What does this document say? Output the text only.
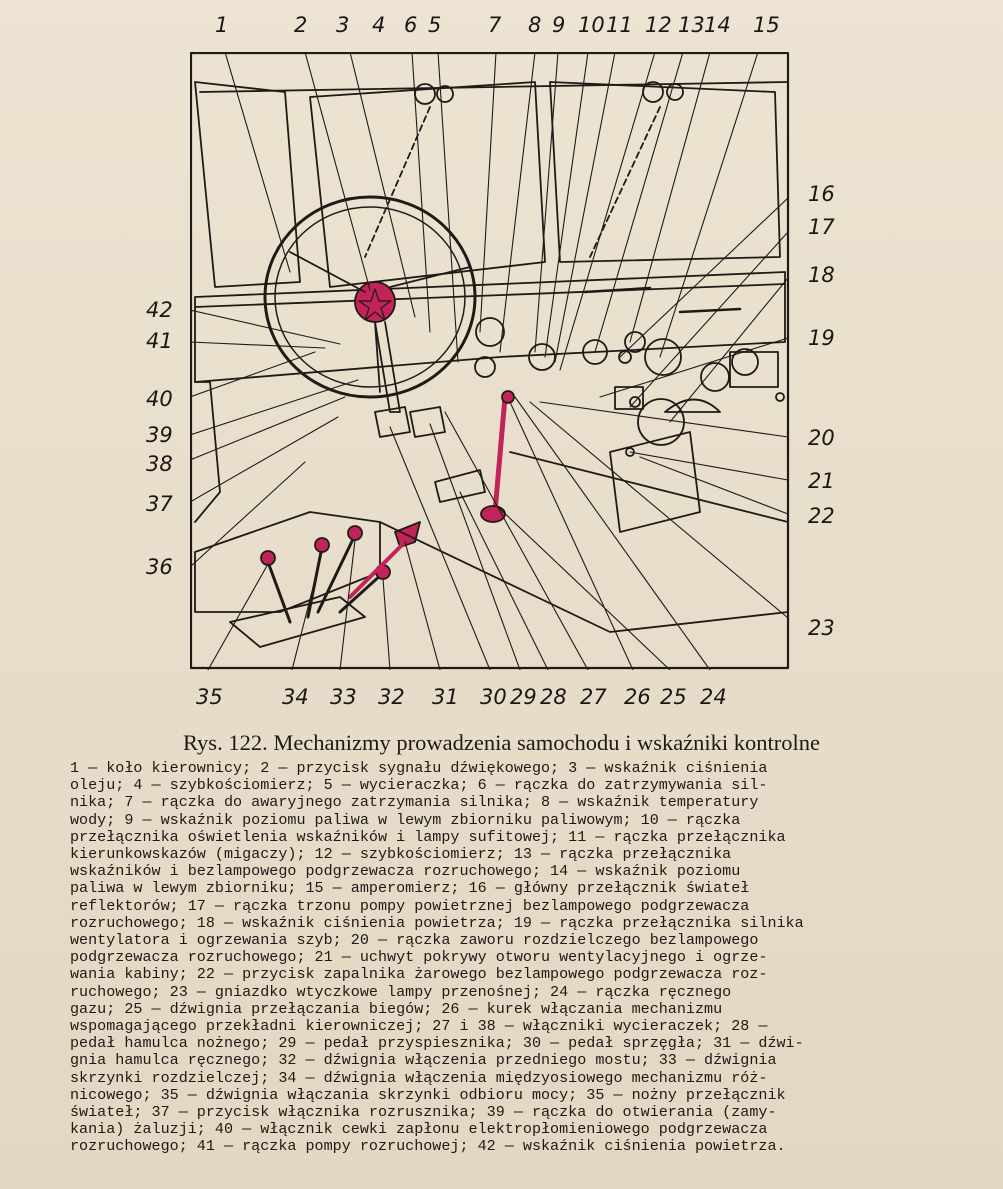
1	2 3 4 5 7 8 9 10 11 12 13 14 15
6
16
17
18
19
20
21
22
23
35	34 33 32 31 30 29 28 27 26 25 24
42
41
40
39
38
37
36
Rys. 122. Mechanizmy prowadzenia samochodu i wskaźniki kontrolne
1 — koło kierownicy; 2 — przycisk sygnału dźwiękowego; 3 — wskaźnik ciśnienia
oleju; 4 — szybkościomierz; 5 — wycieraczka; 6 — rączka do zatrzymywania sil-
nika; 7 — rączka do awaryjnego zatrzymania silnika; 8 — wskaźnik temperatury
wody; 9 — wskaźnik poziomu paliwa w lewym zbiorniku paliwowym; 10 — rączka
przełącznika oświetlenia wskaźników i lampy sufitowej; 11 — rączka przełącznika
kierunkowskazów (migaczy); 12 — szybkościomierz; 13 — rączka przełącznika
wskaźników i bezlampowego podgrzewacza rozruchowego; 14 — wskaźnik poziomu
paliwa w lewym zbiorniku; 15 — amperomierz; 16 — główny przełącznik świateł
reflektorów; 17 — rączka trzonu pompy powietrznej bezlampowego podgrzewacza
rozruchowego; 18 — wskaźnik ciśnienia powietrza; 19 — rączka przełącznika silnika
wentylatora i ogrzewania szyb; 20 — rączka zaworu rozdzielczego bezlampowego
podgrzewacza rozruchowego; 21 — uchwyt pokrywy otworu wentylacyjnego i ogrze-
wania kabiny; 22 — przycisk zapalnika żarowego bezlampowego podgrzewacza roz-
ruchowego; 23 — gniazdko wtyczkowe lampy przenośnej; 24 — rączka ręcznego
gazu; 25 — dźwignia przełączania biegów; 26 — kurek włączania mechanizmu
wspomagającego przekładni kierowniczej; 27 i 38 — włączniki wycieraczek; 28 —
pedał hamulca nożnego; 29 — pedał przyspiesznika; 30 — pedał sprzęgła; 31 — dźwi-
gnia hamulca ręcznego; 32 — dźwignia włączenia przedniego mostu; 33 — dźwignia
skrzynki rozdzielczej; 34 — dźwignia włączenia międzyosiowego mechanizmu róż-
nicowego; 35 — dźwignia włączania skrzynki odbioru mocy; 35 — nożny przełącznik
świateł; 37 — przycisk włącznika rozrusznika; 39 — rączka do otwierania (zamy-
kania) żaluzji; 40 — włącznik cewki zapłonu elektropłomieniowego podgrzewacza
rozruchowego; 41 — rączka pompy rozruchowej; 42 — wskaźnik ciśnienia powietrza.
